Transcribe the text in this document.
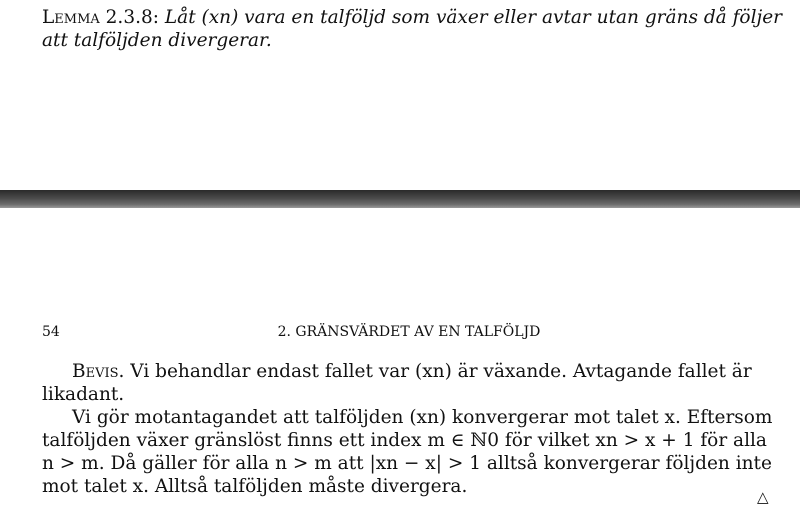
Lemma 2.3.8: Låt (xn) vara en talföljd som växer eller avtar utan gräns då följer att talföljden divergerar.
54	2. GRÄNSVÄRDET AV EN TALFÖLJD

Bevis. Vi behandlar endast fallet var (xn) är växande. Avtagande fallet är likadant.

Vi gör motantagandet att talföljden (xn) konvergerar mot talet x. Eftersom talföljden växer gränslöst finns ett index m ∈ ℕ0 för vilket xn > x + 1 för alla n > m. Då gäller för alla n > m att |xn − x| > 1 alltså konvergerar följden inte mot talet x. Alltså talföljden måste divergera.	△
